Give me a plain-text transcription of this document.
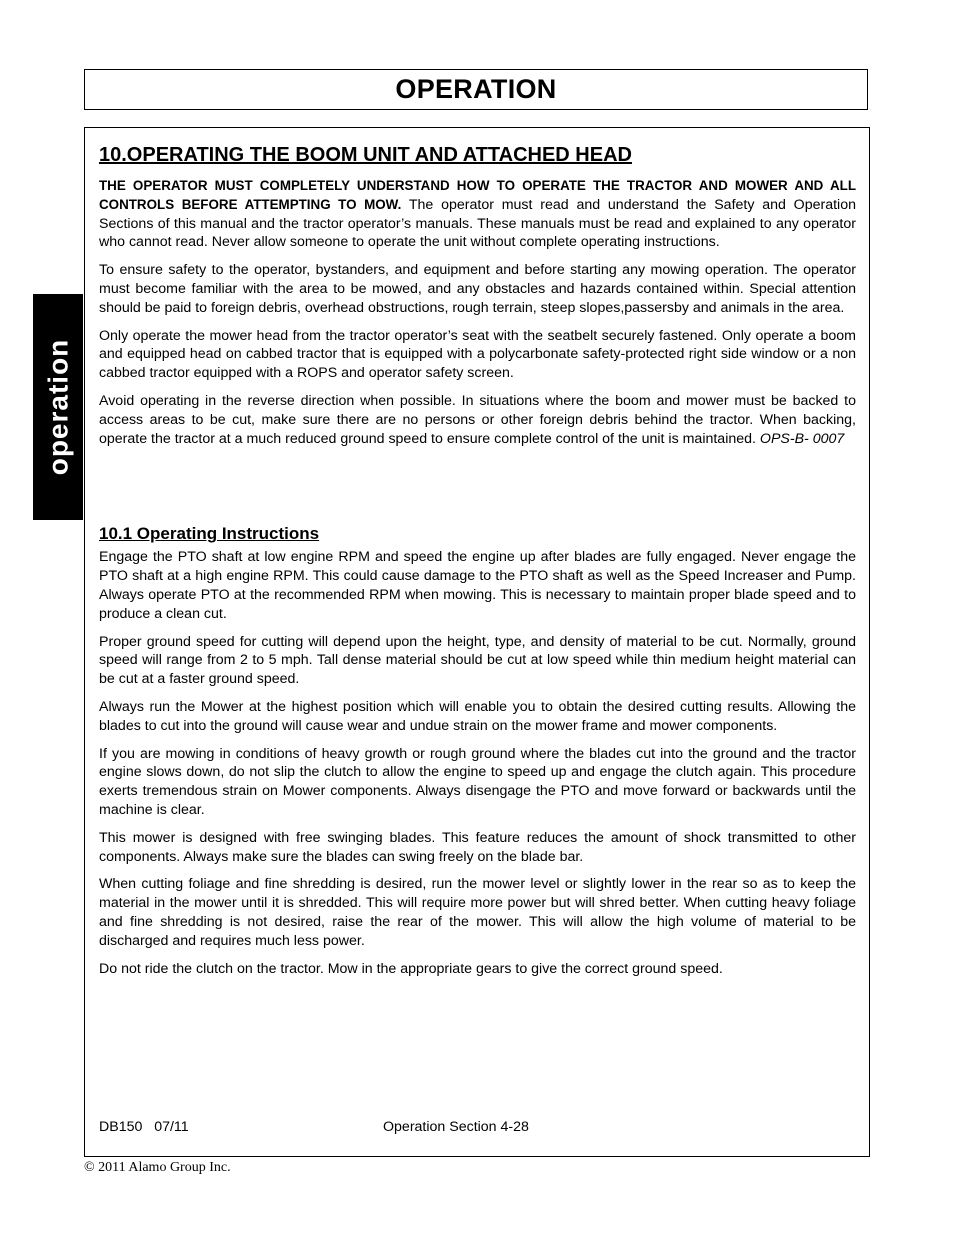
OPERATION
operation
10.OPERATING THE BOOM UNIT AND ATTACHED HEAD

THE OPERATOR MUST COMPLETELY UNDERSTAND HOW TO OPERATE THE TRACTOR AND MOWER AND ALL CONTROLS BEFORE ATTEMPTING TO MOW. The operator must read and understand the Safety and Operation Sections of this manual and the tractor operator’s manuals. These manuals must be read and explained to any operator who cannot read. Never allow someone to operate the unit without complete operating instructions.

To ensure safety to the operator, bystanders, and equipment and before starting any mowing operation. The operator must become familiar with the area to be mowed, and any obstacles and hazards contained within. Special attention should be paid to foreign debris, overhead obstructions, rough terrain, steep slopes,passersby and animals in the area.

Only operate the mower head from the tractor operator’s seat with the seatbelt securely fastened. Only operate a boom and equipped head on cabbed tractor that is equipped with a polycarbonate safety-protected right side window or a non cabbed tractor equipped with a ROPS and operator safety screen.

Avoid operating in the reverse direction when possible. In situations where the boom and mower must be backed to access areas to be cut, make sure there are no persons or other foreign debris behind the tractor. When backing, operate the tractor at a much reduced ground speed to ensure complete control of the unit is maintained. OPS-B- 0007

10.1 Operating Instructions

Engage the PTO shaft at low engine RPM and speed the engine up after blades are fully engaged. Never engage the PTO shaft at a high engine RPM. This could cause damage to the PTO shaft as well as the Speed Increaser and Pump. Always operate PTO at the recommended RPM when mowing. This is necessary to maintain proper blade speed and to produce a clean cut.

Proper ground speed for cutting will depend upon the height, type, and density of material to be cut. Normally, ground speed will range from 2 to 5 mph. Tall dense material should be cut at low speed while thin medium height material can be cut at a faster ground speed.

Always run the Mower at the highest position which will enable you to obtain the desired cutting results. Allowing the blades to cut into the ground will cause wear and undue strain on the mower frame and mower components.

If you are mowing in conditions of heavy growth or rough ground where the blades cut into the ground and the tractor engine slows down, do not slip the clutch to allow the engine to speed up and engage the clutch again. This procedure exerts tremendous strain on Mower components. Always disengage the PTO and move forward or backwards until the machine is clear.

This mower is designed with free swinging blades. This feature reduces the amount of shock transmitted to other components. Always make sure the blades can swing freely on the blade bar.

When cutting foliage and fine shredding is desired, run the mower level or slightly lower in the rear so as to keep the material in the mower until it is shredded. This will require more power but will shred better. When cutting heavy foliage and fine shredding is not desired, raise the rear of the mower. This will allow the high volume of material to be discharged and requires much less power.

Do not ride the clutch on the tractor. Mow in the appropriate gears to give the correct ground speed.

DB150   07/11	Operation Section 4-28
© 2011 Alamo Group Inc.
